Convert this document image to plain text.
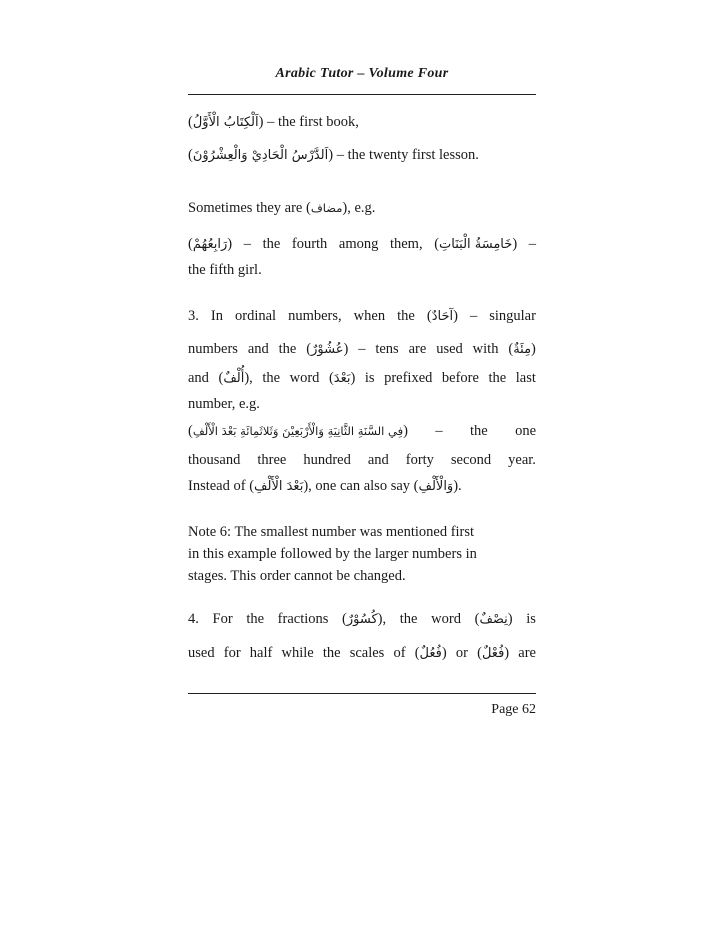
Arabic Tutor – Volume Four
(اَلْكِتَابُ الْأَوَّلُ) – the first book,
(اَلدَّرْسُ الْحَادِيْ وَالْعِشْرُوْنَ) – the twenty first lesson.
Sometimes they are (مضاف), e.g.
(رَابِعُهُمْ) – the fourth among them, (خَامِسَةُ الْبَنَاتِ) –
the fifth girl.
3. In ordinal numbers, when the (آحَادٌ) – singular
numbers and the (عُشُوْرٌ) – tens are used with (مِئَةٌ)
and (أُلْفٌ), the word (بَعْدَ) is prefixed before the last
number, e.g.
(فِي السَّنَةِ الثَّانِيَةِ وَالْأَرْبَعِيْنَ وَثَلاثَمِائَةِ بَعْدَ الْأَلْفِ) – the one
thousand three hundred and forty second year.
Instead of (بَعْدَ الْأَلْفِ), one can also say (وَالْأَلْفِ).
Note 6: The smallest number was mentioned first
in this example followed by the larger numbers in
stages. This order cannot be changed.
4. For the fractions (كُسُوْرٌ), the word (نِصْفٌ) is
used for half while the scales of (فُعُلٌ) or (فُعْلٌ) are
Page 62
